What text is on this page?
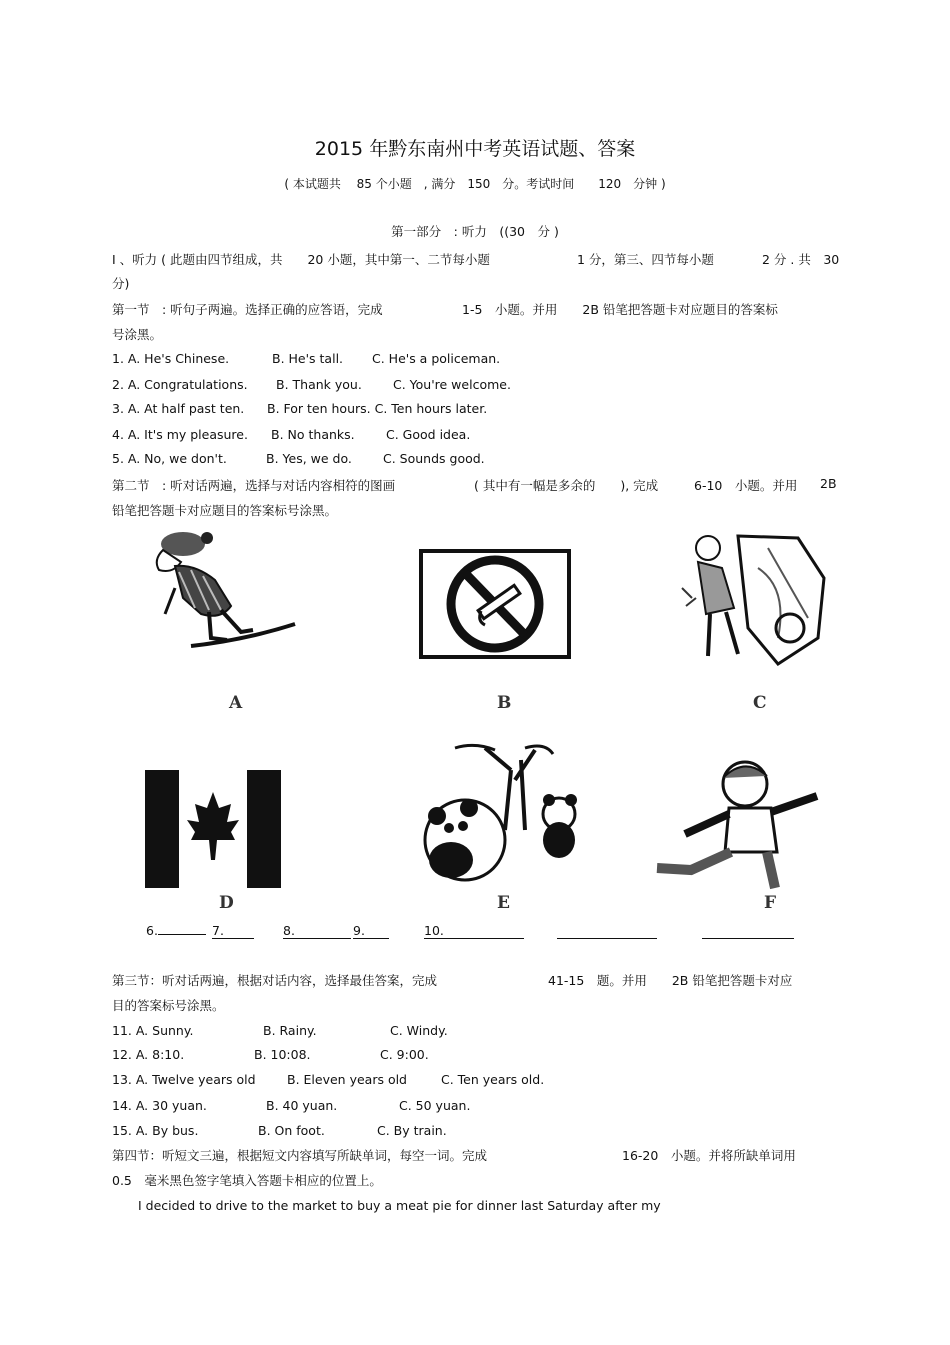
2015 年黔东南州中考英语试题、答案
( 本试题共　 85 个小题　, 满分　150　分。考试时间　　120　分钟 )
第一部分　: 听力　((30　分 )
Ⅰ 、听力 ( 此题由四节组成，共　　20 小题，其中第一、二节每小题	1 分，第三、四节每小题	2 分 . 共　30
分)
第一节　: 听句子两遍。选择正确的应答语，完成	1-5　小题。并用　　2B 铅笔把答题卡对应题目的答案标
号涂黑。
1. A. He's Chinese.	B. He's tall. C. He's a policeman.
2. A. Congratulations. B. Thank you. C. You're welcome.
3. A. At half past ten. B. For ten hours. C. Ten hours later.
4. A. It's my pleasure. B. No thanks.	C. Good idea.
5. A. No, we don't.	B. Yes, we do. C. Sounds good.
第二节　: 听对话两遍，选择与对话内容相符的图画	( 其中有一幅是多余的　　), 完成	6-10　小题。并用 2B
铅笔把答题卡对应题目的答案标号涂黑。
A	B	C
D	E	F
6.	7.	8.	9.	10.

第三节：听对话两遍，根据对话内容，选择最佳答案，完成	41-15　题。并用　　2B 铅笔把答题卡对应
目的答案标号涂黑。
11. A. Sunny.	B. Rainy.	C. Windy.
12. A. 8:10.	B. 10:08.	C. 9:00.
13. A. Twelve years old	B. Eleven years old	C. Ten years old.
14. A. 30 yuan.	B. 40 yuan.	C. 50 yuan.
15. A. By bus.	B. On foot.	C. By train.
第四节：听短文三遍，根据短文内容填写所缺单词，每空一词。完成	16-20　小题。并将所缺单词用
0.5　毫米黑色签字笔填入答题卡相应的位置上。
I decided to drive to the market to buy a meat pie for dinner last Saturday after my
